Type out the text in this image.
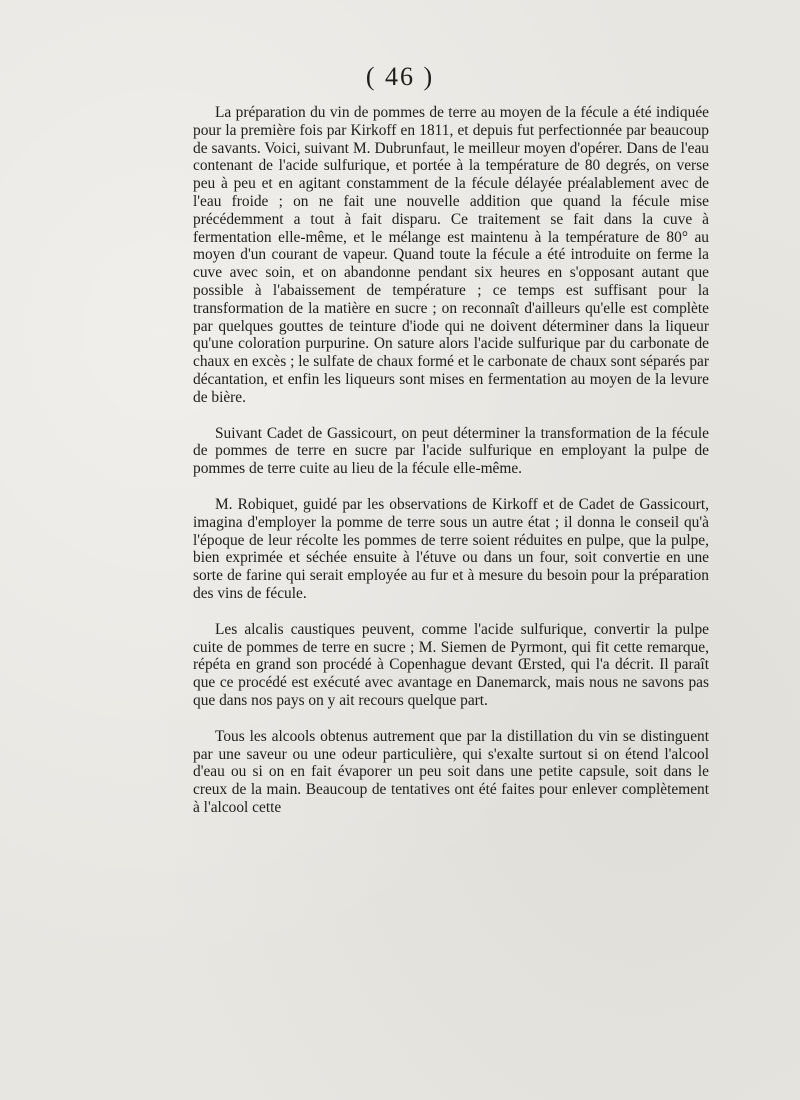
( 46 )

La préparation du vin de pommes de terre au moyen de la fécule a été indiquée pour la première fois par Kirkoff en 1811, et depuis fut perfectionnée par beaucoup de savants. Voici, suivant M. Dubrunfaut, le meilleur moyen d'opérer. Dans de l'eau contenant de l'acide sulfurique, et portée à la température de 80 degrés, on verse peu à peu et en agitant constamment de la fécule délayée préalablement avec de l'eau froide ; on ne fait une nouvelle addition que quand la fécule mise précédemment a tout à fait disparu. Ce traitement se fait dans la cuve à fermentation elle-même, et le mélange est maintenu à la température de 80° au moyen d'un courant de vapeur. Quand toute la fécule a été introduite on ferme la cuve avec soin, et on abandonne pendant six heures en s'opposant autant que possible à l'abaissement de température ; ce temps est suffisant pour la transformation de la matière en sucre ; on reconnaît d'ailleurs qu'elle est complète par quelques gouttes de teinture d'iode qui ne doivent déterminer dans la liqueur qu'une coloration purpurine. On sature alors l'acide sulfurique par du carbonate de chaux en excès ; le sulfate de chaux formé et le carbonate de chaux sont séparés par décantation, et enfin les liqueurs sont mises en fermentation au moyen de la levure de bière.

Suivant Cadet de Gassicourt, on peut déterminer la transformation de la fécule de pommes de terre en sucre par l'acide sulfurique en employant la pulpe de pommes de terre cuite au lieu de la fécule elle-même.

M. Robiquet, guidé par les observations de Kirkoff et de Cadet de Gassicourt, imagina d'employer la pomme de terre sous un autre état ; il donna le conseil qu'à l'époque de leur récolte les pommes de terre soient réduites en pulpe, que la pulpe, bien exprimée et séchée ensuite à l'étuve ou dans un four, soit convertie en une sorte de farine qui serait employée au fur et à mesure du besoin pour la préparation des vins de fécule.

Les alcalis caustiques peuvent, comme l'acide sulfurique, convertir la pulpe cuite de pommes de terre en sucre ; M. Siemen de Pyrmont, qui fit cette remarque, répéta en grand son procédé à Copenhague devant Œrsted, qui l'a décrit. Il paraît que ce procédé est exécuté avec avantage en Danemarck, mais nous ne savons pas que dans nos pays on y ait recours quelque part.

Tous les alcools obtenus autrement que par la distillation du vin se distinguent par une saveur ou une odeur particulière, qui s'exalte surtout si on étend l'alcool d'eau ou si on en fait évaporer un peu soit dans une petite capsule, soit dans le creux de la main. Beaucoup de tentatives ont été faites pour enlever complètement à l'alcool cette
